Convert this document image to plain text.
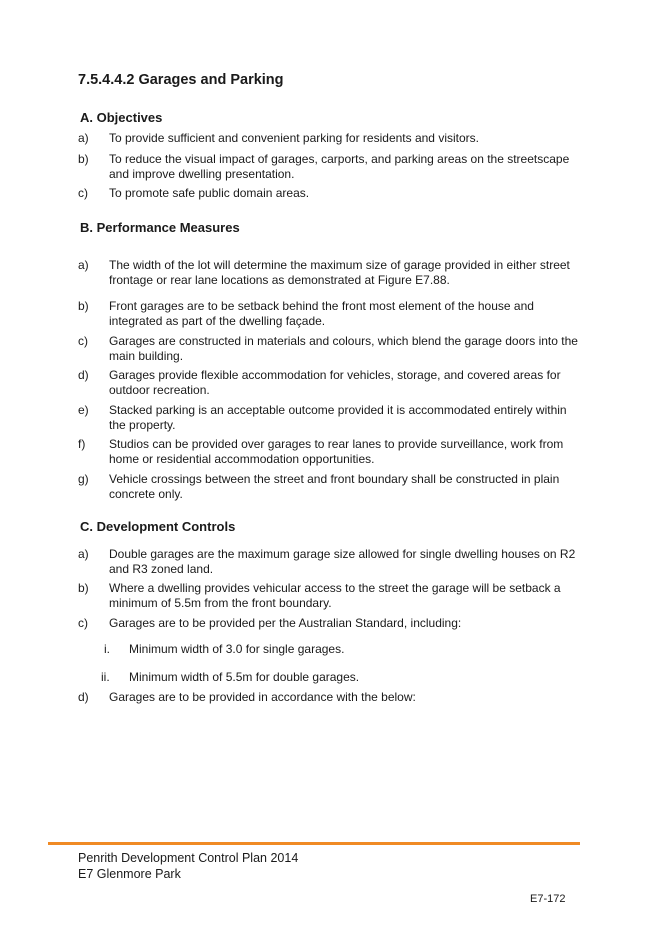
7.5.4.4.2 Garages and Parking
A. Objectives
a) To provide sufficient and convenient parking for residents and visitors.
b) To reduce the visual impact of garages, carports, and parking areas on the streetscape and improve dwelling presentation.
c) To promote safe public domain areas.
B. Performance Measures
a) The width of the lot will determine the maximum size of garage provided in either street frontage or rear lane locations as demonstrated at Figure E7.88.
b) Front garages are to be setback behind the front most element of the house and integrated as part of the dwelling façade.
c) Garages are constructed in materials and colours, which blend the garage doors into the main building.
d) Garages provide flexible accommodation for vehicles, storage, and covered areas for outdoor recreation.
e) Stacked parking is an acceptable outcome provided it is accommodated entirely within the property.
f) Studios can be provided over garages to rear lanes to provide surveillance, work from home or residential accommodation opportunities.
g) Vehicle crossings between the street and front boundary shall be constructed in plain concrete only.
C. Development Controls
a) Double garages are the maximum garage size allowed for single dwelling houses on R2 and R3 zoned land.
b) Where a dwelling provides vehicular access to the street the garage will be setback a minimum of 5.5m from the front boundary.
c) Garages are to be provided per the Australian Standard, including:
i. Minimum width of 3.0 for single garages.
ii. Minimum width of 5.5m for double garages.
d) Garages are to be provided in accordance with the below:
Penrith Development Control Plan 2014
E7 Glenmore Park
E7-172
